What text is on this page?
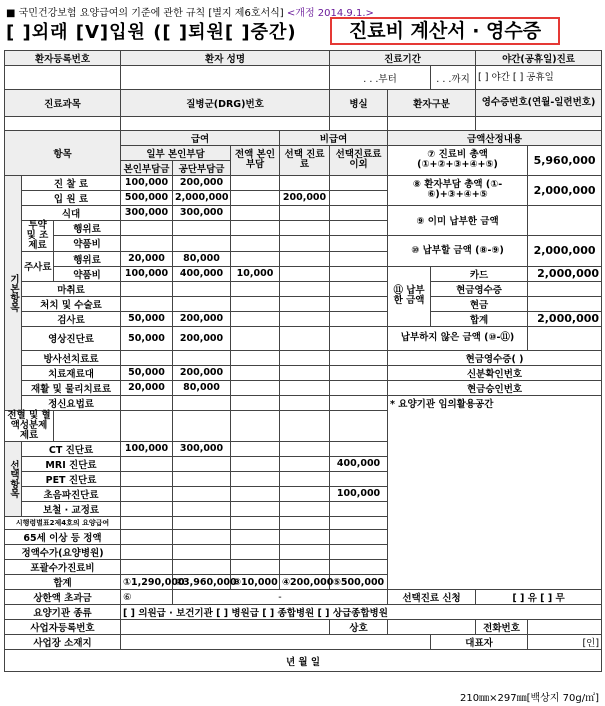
■ 국민건강보험 요양급여의 기준에 관한 규칙 [별지 제6호서식] <개정 2014.9.1.>
[ ]외래 [V]입원 ([ ]퇴원[ ]중간)	진료비 계산서 · 영수증
환자등록번호			환자 성명				진료기간			야간(공휴일)진료	
							. . .부터		. . .까지	[ ] 야간 [ ] 공휴일	
진료과목			질병군(DRG)번호				병실	환자구분		영수증번호(연월-일련번호)	

항목			급여			비급여		금액산정내용			
			일부 본인부담		전액 본인부담	선택 진료료	선택진료료 이외	⑦ 진료비 총액 (①+②+③+④+⑤)			5,960,000
			본인부담금	공단부담금							
기본항목	진 찰 료		100,000	200,000				⑧ 환자부담 총액 (①-⑥)+③+④+⑤			2,000,000
	입 원 료		500,000	2,000,000		200,000					
	식대		300,000	300,000				⑨ 이미 납부한 금액			
	투약 및 조제료	행위료									
		약품비						⑩ 납부할 금액 (⑧-⑨)			2,000,000
	주사료	행위료	20,000	80,000							
		약품비	100,000	400,000	10,000			⑪ 납부한 금액	카드		2,000,000
	마취료								현금영수증		
	처치 및 수술료								현금		
	검사료		50,000	200,000					합계		2,000,000
	영상진단료		50,000	200,000				납부하지 않은 금액 (⑩-⑪)			
	방사선치료료							현금영수증( )			
	치료재료대		50,000	200,000				신분확인번호			
	재활 및 물리치료료		20,000	80,000				현금승인번호			
	정신요법료							* 요양기관 임의활용공간			
전혈 및 혈액성분제제료											
선택항목	CT 진단료		100,000	300,000							
	MRI 진단료						400,000				
	PET 진단료										
	초음파진단료						100,000				
	보철 · 교정료										
시행령별표2제4호의 요양급여											
65세 이상 등 정액											
정액수가(요양병원)											
포괄수가진료비											
합계			①1,290,000	②3,960,000	③10,000	④200,000	⑤500,000				
상한액 초과금			⑥	-				선택진료 신청		[ ] 유 [ ] 무	
요양기관 종류			[ ] 의원급 · 보건기관 [ ] 병원급 [ ] 종합병원 [ ] 상급종합병원								
사업자등록번호							상호			전화번호	
사업장 소재지									대표자		[인]
년 월 일											
210㎜×297㎜[백상지 70g/㎡]
